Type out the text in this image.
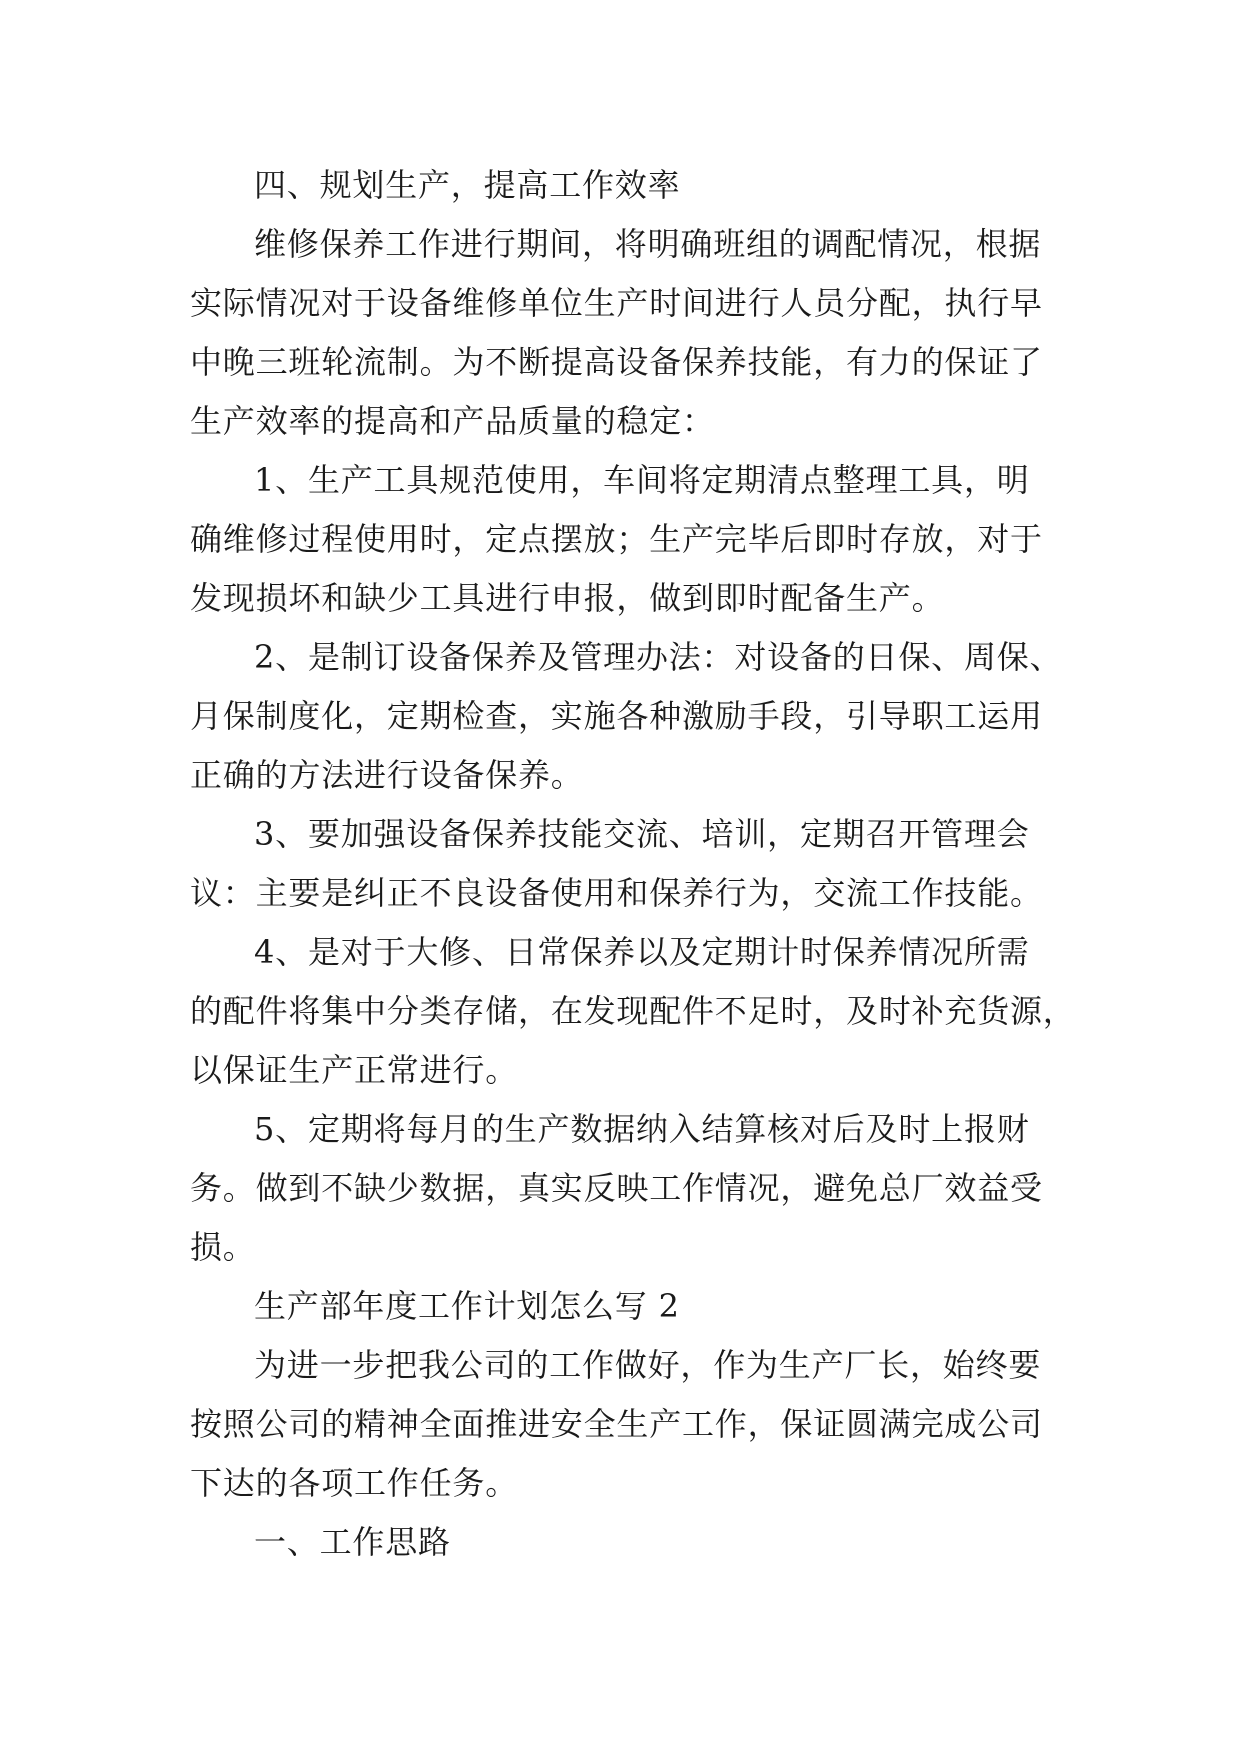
四、规划生产，提高工作效率

维修保养工作进行期间，将明确班组的调配情况，根据
实际情况对于设备维修单位生产时间进行人员分配，执行早
中晚三班轮流制。为不断提高设备保养技能，有力的保证了
生产效率的提高和产品质量的稳定：

1、生产工具规范使用，车间将定期清点整理工具，明
确维修过程使用时，定点摆放；生产完毕后即时存放，对于
发现损坏和缺少工具进行申报，做到即时配备生产。

2、是制订设备保养及管理办法：对设备的日保、周保、
月保制度化，定期检查，实施各种激励手段，引导职工运用
正确的方法进行设备保养。

3、要加强设备保养技能交流、培训，定期召开管理会
议：主要是纠正不良设备使用和保养行为，交流工作技能。

4、是对于大修、日常保养以及定期计时保养情况所需
的配件将集中分类存储，在发现配件不足时，及时补充货源，
以保证生产正常进行。

5、定期将每月的生产数据纳入结算核对后及时上报财
务。做到不缺少数据，真实反映工作情况，避免总厂效益受
损。

生产部年度工作计划怎么写 2

为进一步把我公司的工作做好，作为生产厂长，始终要
按照公司的精神全面推进安全生产工作，保证圆满完成公司
下达的各项工作任务。

一、工作思路
